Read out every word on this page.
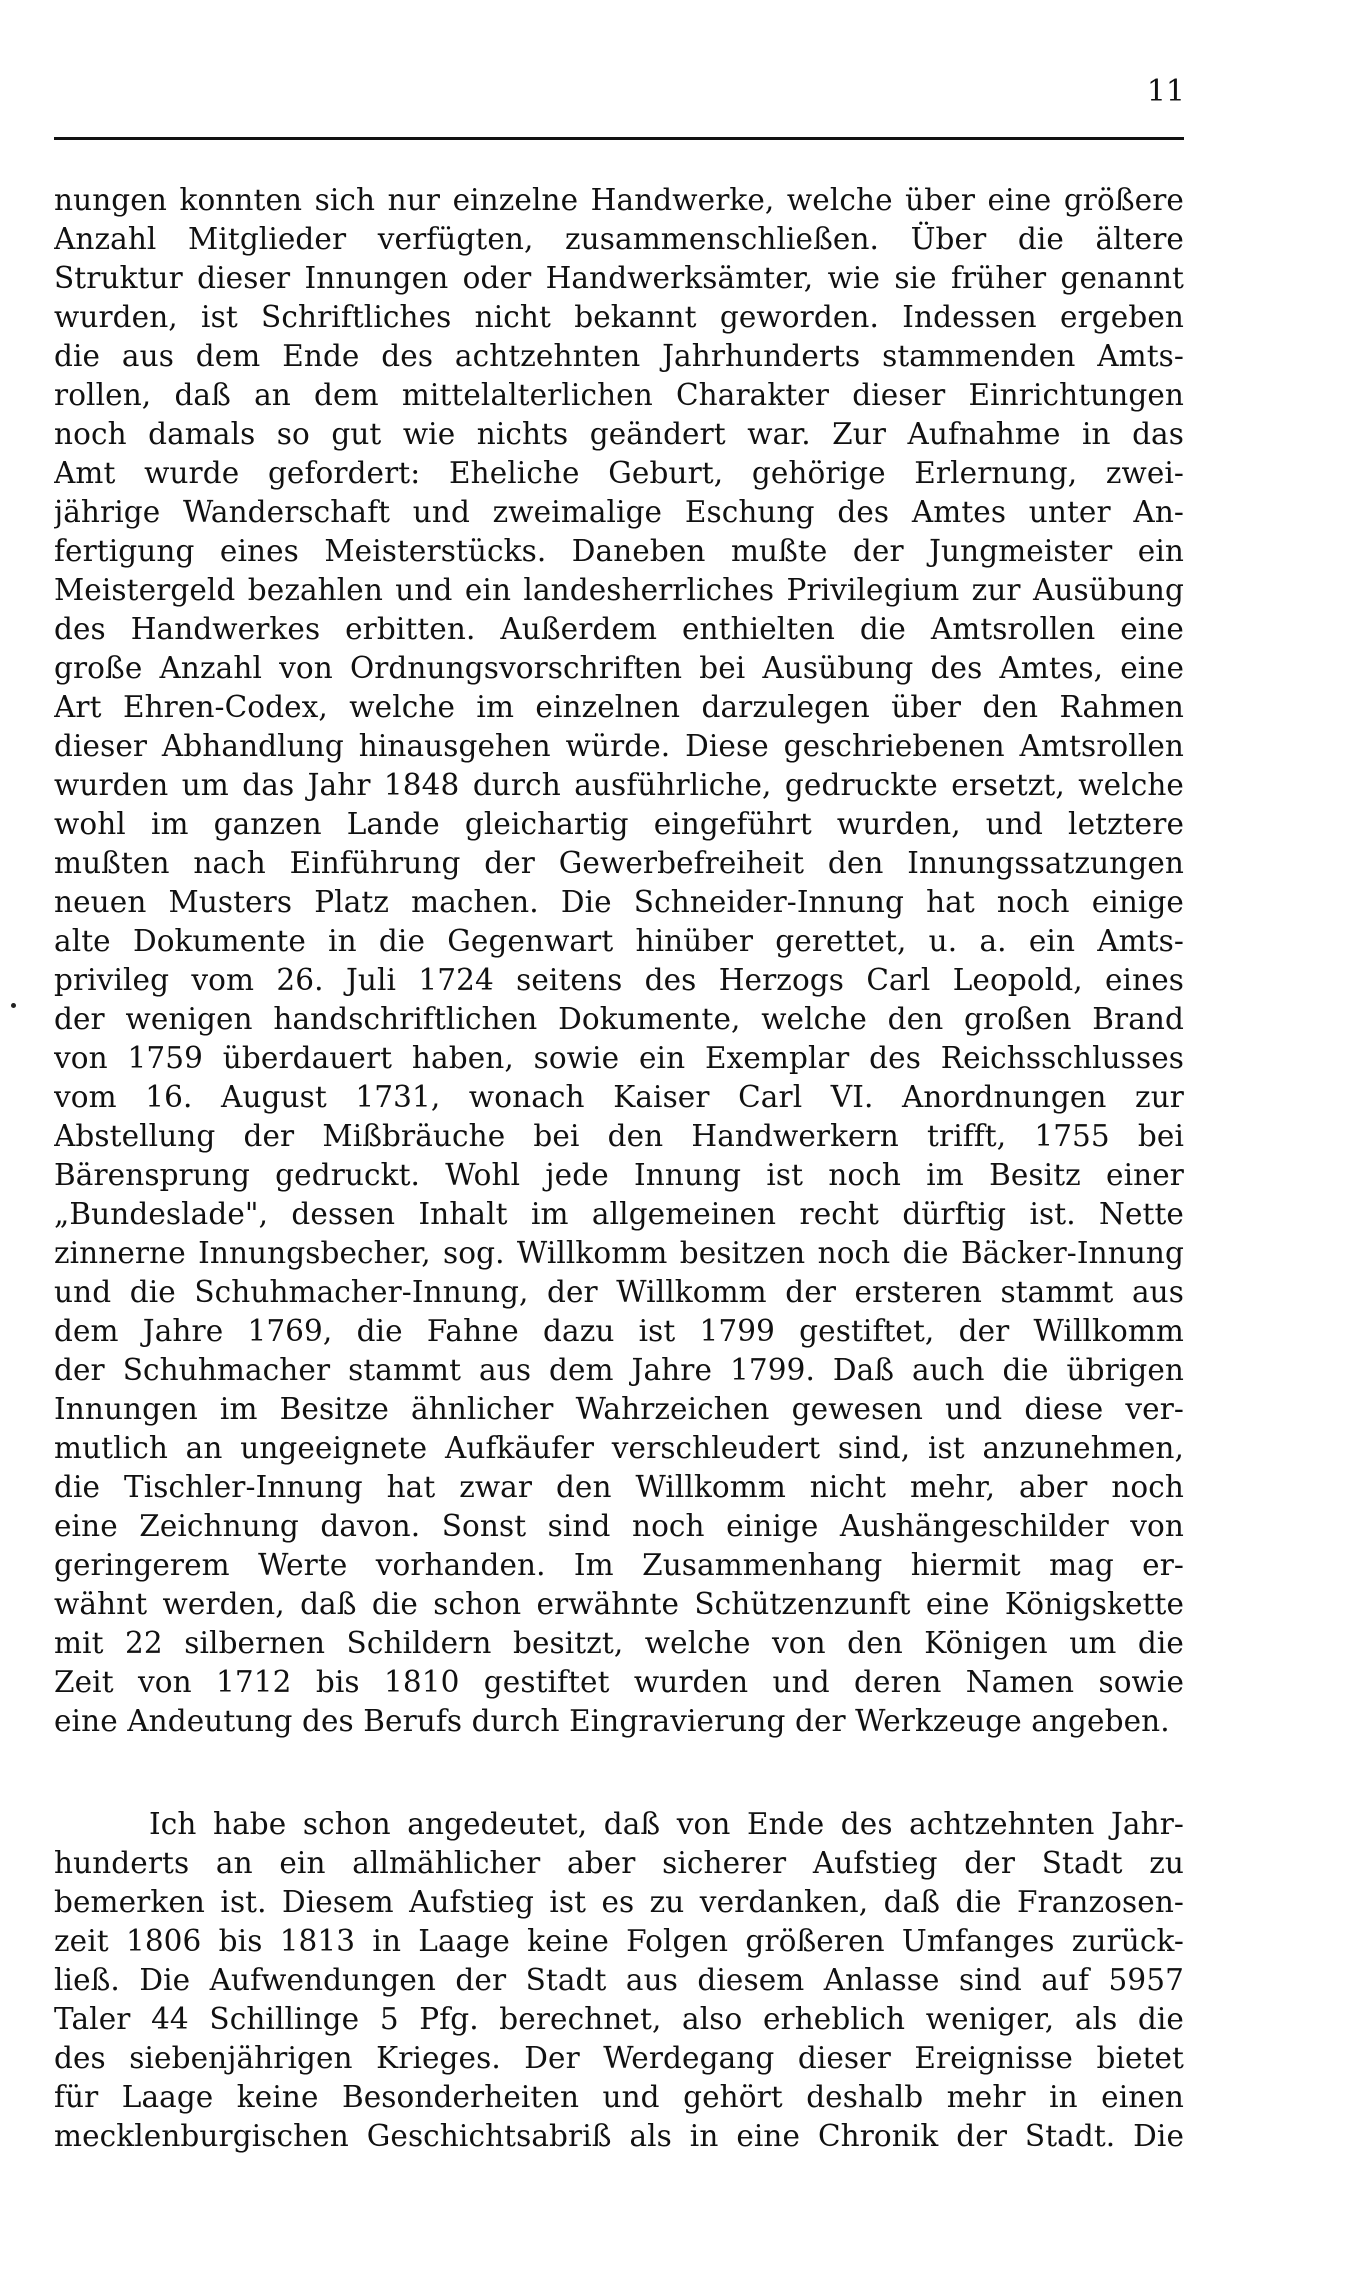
11
nungen konnten sich nur einzelne Handwerke, welche über eine größere
Anzahl Mitglieder verfügten, zusammenschließen. Über die ältere
Struktur dieser Innungen oder Handwerksämter, wie sie früher genannt
wurden, ist Schriftliches nicht bekannt geworden. Indessen ergeben
die aus dem Ende des achtzehnten Jahrhunderts stammenden Amts-
rollen, daß an dem mittelalterlichen Charakter dieser Einrichtungen
noch damals so gut wie nichts geändert war. Zur Aufnahme in das
Amt wurde gefordert: Eheliche Geburt, gehörige Erlernung, zwei-
jährige Wanderschaft und zweimalige Eschung des Amtes unter An-
fertigung eines Meisterstücks. Daneben mußte der Jungmeister ein
Meistergeld bezahlen und ein landesherrliches Privilegium zur Ausübung
des Handwerkes erbitten. Außerdem enthielten die Amtsrollen eine
große Anzahl von Ordnungsvorschriften bei Ausübung des Amtes, eine
Art Ehren-Codex, welche im einzelnen darzulegen über den Rahmen
dieser Abhandlung hinausgehen würde. Diese geschriebenen Amtsrollen
wurden um das Jahr 1848 durch ausführliche, gedruckte ersetzt, welche
wohl im ganzen Lande gleichartig eingeführt wurden, und letztere
mußten nach Einführung der Gewerbefreiheit den Innungssatzungen
neuen Musters Platz machen. Die Schneider-Innung hat noch einige
alte Dokumente in die Gegenwart hinüber gerettet, u. a. ein Amts-
privileg vom 26. Juli 1724 seitens des Herzogs Carl Leopold, eines
der wenigen handschriftlichen Dokumente, welche den großen Brand
von 1759 überdauert haben, sowie ein Exemplar des Reichsschlusses
vom 16. August 1731, wonach Kaiser Carl VI. Anordnungen zur
Abstellung der Mißbräuche bei den Handwerkern trifft, 1755 bei
Bärensprung gedruckt. Wohl jede Innung ist noch im Besitz einer
„Bundeslade", dessen Inhalt im allgemeinen recht dürftig ist. Nette
zinnerne Innungsbecher, sog. Willkomm besitzen noch die Bäcker-Innung
und die Schuhmacher-Innung, der Willkomm der ersteren stammt aus
dem Jahre 1769, die Fahne dazu ist 1799 gestiftet, der Willkomm
der Schuhmacher stammt aus dem Jahre 1799. Daß auch die übrigen
Innungen im Besitze ähnlicher Wahrzeichen gewesen und diese ver-
mutlich an ungeeignete Aufkäufer verschleudert sind, ist anzunehmen,
die Tischler-Innung hat zwar den Willkomm nicht mehr, aber noch
eine Zeichnung davon. Sonst sind noch einige Aushängeschilder von
geringerem Werte vorhanden. Im Zusammenhang hiermit mag er-
wähnt werden, daß die schon erwähnte Schützenzunft eine Königskette
mit 22 silbernen Schildern besitzt, welche von den Königen um die
Zeit von 1712 bis 1810 gestiftet wurden und deren Namen sowie
eine Andeutung des Berufs durch Eingravierung der Werkzeuge angeben.
Ich habe schon angedeutet, daß von Ende des achtzehnten Jahr-
hunderts an ein allmählicher aber sicherer Aufstieg der Stadt zu
bemerken ist. Diesem Aufstieg ist es zu verdanken, daß die Franzosen-
zeit 1806 bis 1813 in Laage keine Folgen größeren Umfanges zurück-
ließ. Die Aufwendungen der Stadt aus diesem Anlasse sind auf 5957
Taler 44 Schillinge 5 Pfg. berechnet, also erheblich weniger, als die
des siebenjährigen Krieges. Der Werdegang dieser Ereignisse bietet
für Laage keine Besonderheiten und gehört deshalb mehr in einen
mecklenburgischen Geschichtsabriß als in eine Chronik der Stadt. Die
